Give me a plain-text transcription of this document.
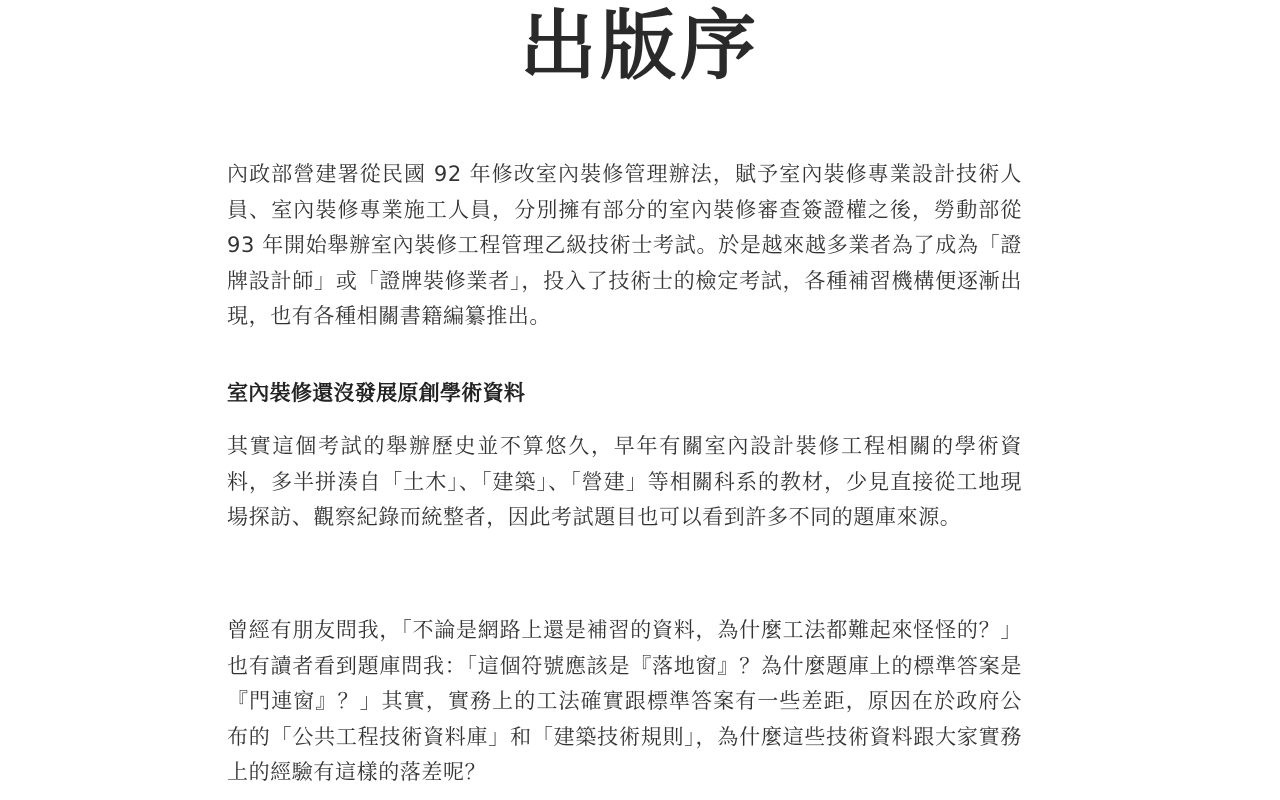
出版序

內政部營建署從民國 92 年修改室內裝修管理辦法，賦予室內裝修專業設計技術人員、室內裝修專業施工人員，分別擁有部分的室內裝修審查簽證權之後，勞動部從 93 年開始舉辦室內裝修工程管理乙級技術士考試。於是越來越多業者為了成為「證牌設計師」或「證牌裝修業者」，投入了技術士的檢定考試，各種補習機構便逐漸出現，也有各種相關書籍編纂推出。

室內裝修還沒發展原創學術資料

其實這個考試的舉辦歷史並不算悠久，早年有關室內設計裝修工程相關的學術資料，多半拼湊自「土木」、「建築」、「營建」等相關科系的教材，少見直接從工地現場探訪、觀察紀錄而統整者，因此考試題目也可以看到許多不同的題庫來源。

曾經有朋友問我，「不論是網路上還是補習的資料，為什麼工法都難起來怪怪的？」也有讀者看到題庫問我：「這個符號應該是『落地窗』？為什麼題庫上的標準答案是『門連窗』？」其實，實務上的工法確實跟標準答案有一些差距，原因在於政府公布的「公共工程技術資料庫」和「建築技術規則」，為什麼這些技術資料跟大家實務上的經驗有這樣的落差呢？
